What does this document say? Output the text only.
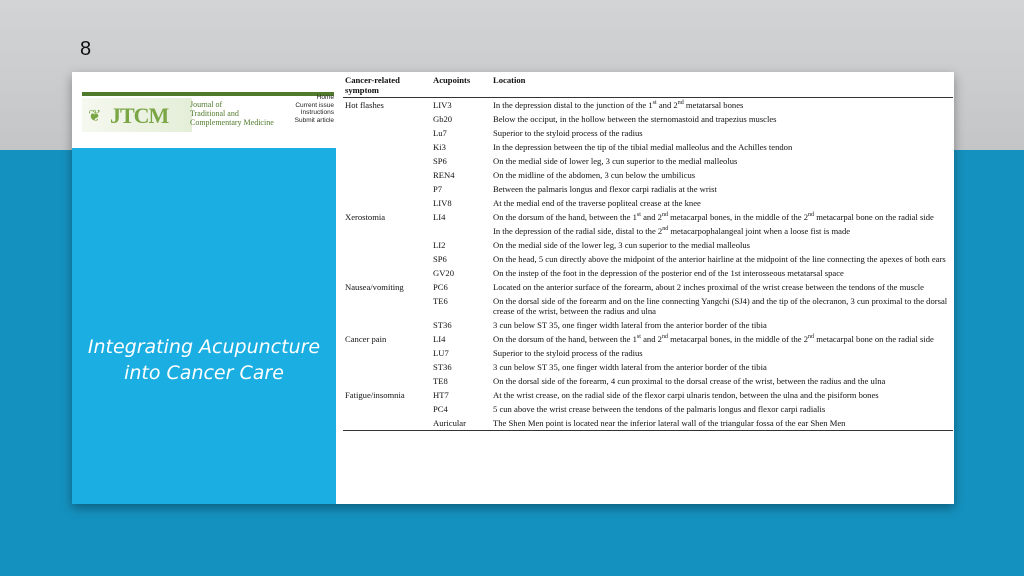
8
❦ JTCM	Journal of
Traditional and
Complementary Medicine
Home
Current issue
Instructions
Submit article
Integrating Acupuncture
into Cancer Care
Cancer-related symptom	Acupoints	Location
Hot flashes	LIV3	In the depression distal to the junction of the 1st and 2nd metatarsal bones
	Gb20	Below the occiput, in the hollow between the sternomastoid and trapezius muscles
	Lu7	Superior to the styloid process of the radius
	Ki3	In the depression between the tip of the tibial medial malleolus and the Achilles tendon
	SP6	On the medial side of lower leg, 3 cun superior to the medial malleolus
	REN4	On the midline of the abdomen, 3 cun below the umbilicus
	P7	Between the palmaris longus and flexor carpi radialis at the wrist
	LIV8	At the medial end of the traverse popliteal crease at the knee
Xerostomia	LI4	On the dorsum of the hand, between the 1st and 2nd metacarpal bones, in the middle of the 2nd metacarpal bone on the radial side
		In the depression of the radial side, distal to the 2nd metacarpophalangeal joint when a loose fist is made
	LI2	On the medial side of the lower leg, 3 cun superior to the medial malleolus
	SP6	On the head, 5 cun directly above the midpoint of the anterior hairline at the midpoint of the line connecting the apexes of both ears
	GV20	On the instep of the foot in the depression of the posterior end of the 1st interosseous metatarsal space
Nausea/vomiting	PC6	Located on the anterior surface of the forearm, about 2 inches proximal of the wrist crease between the tendons of the muscle
	TE6	On the dorsal side of the forearm and on the line connecting Yangchi (SJ4) and the tip of the olecranon, 3 cun proximal to the dorsal crease of the wrist, between the radius and ulna
	ST36	3 cun below ST 35, one finger width lateral from the anterior border of the tibia
Cancer pain	LI4	On the dorsum of the hand, between the 1st and 2nd metacarpal bones, in the middle of the 2nd metacarpal bone on the radial side
	LU7	Superior to the styloid process of the radius
	ST36	3 cun below ST 35, one finger width lateral from the anterior border of the tibia
	TE8	On the dorsal side of the forearm, 4 cun proximal to the dorsal crease of the wrist, between the radius and the ulna
Fatigue/insomnia	HT7	At the wrist crease, on the radial side of the flexor carpi ulnaris tendon, between the ulna and the pisiform bones
	PC4	5 cun above the wrist crease between the tendons of the palmaris longus and flexor carpi radialis
	Auricular	The Shen Men point is located near the inferior lateral wall of the triangular fossa of the ear Shen Men
